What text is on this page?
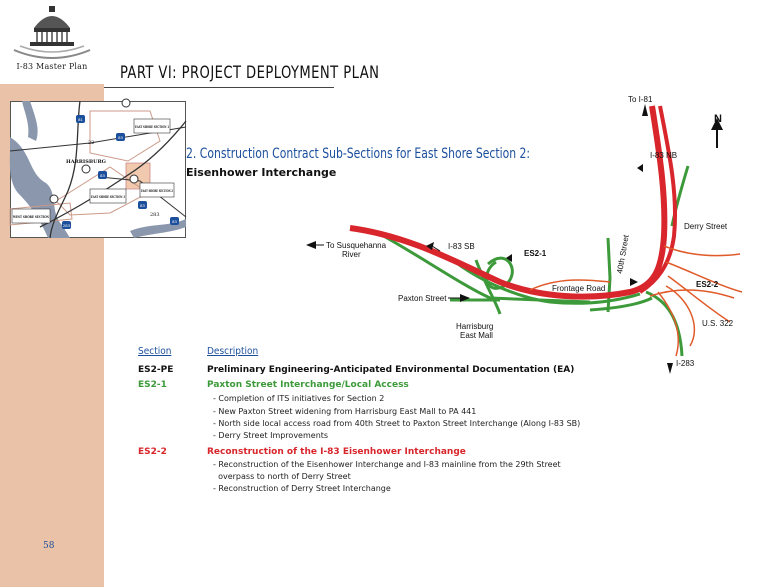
I-83 Master Plan
58
PART VI: PROJECT DEPLOYMENT PLAN
81
83
83
83
283
83
HARRISBURG
22
283
EAST SHORE SECTION 1
EAST SHORE SECTION 2
EAST SHORE SECTION 3
WEST SHORE SECTION
2. Construction Contract Sub-Sections for East Shore Section 2:
Eisenhower Interchange
N
To I-81
I-83 NB
Derry Street
To Susquehanna
River
I-83 SB
ES2-1	40th Street
Frontage Road	ES2-2
Paxton Street
U.S. 322
Harrisburg
East Mall
I-283
Section	Description
ES2-PE	Preliminary Engineering-Anticipated Environmental Documentation (EA)
ES2-1	Paxton Street Interchange/Local Access
- Completion of ITS initiatives for Section 2
- New Paxton Street widening from Harrisburg East Mall to PA 441
- North side local access road from 40th Street to Paxton Street Interchange (Along I-83 SB)
- Derry Street Improvements
ES2-2	Reconstruction of the I-83 Eisenhower Interchange
- Reconstruction of the Eisenhower Interchange and I-83 mainline from the 29th Street
overpass to north of Derry Street
- Reconstruction of Derry Street Interchange
